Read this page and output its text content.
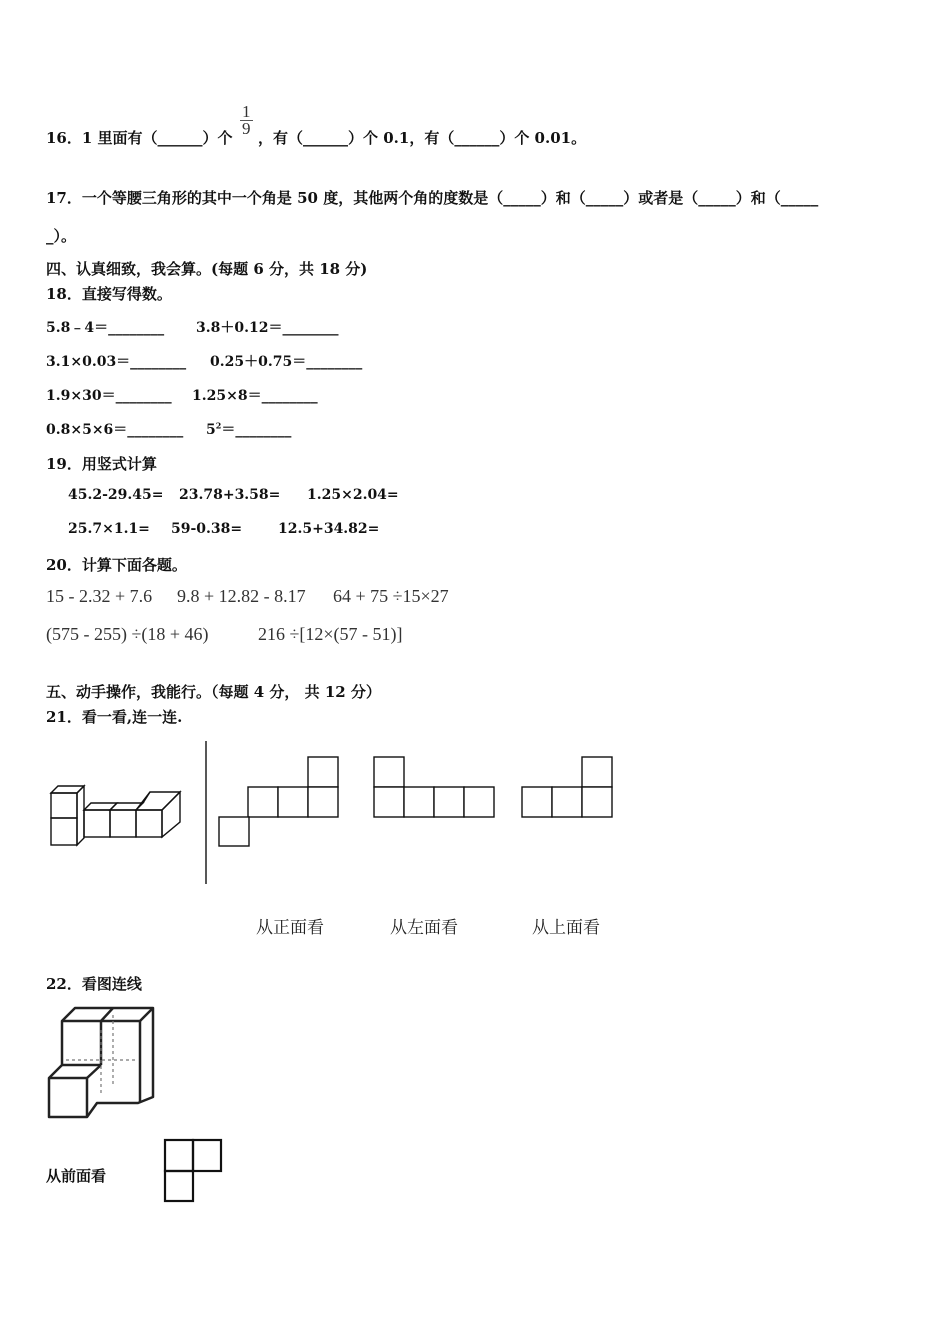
16．1 里面有（______）个
$\frac{1}{9}$
，有（______）个 0.1，有（______）个 0.01。
17．一个等腰三角形的其中一个角是 50 度，其他两个角的度数是（_____）和（_____）或者是（_____）和（_____
_）。
四、认真细致，我会算。(每题 6 分，共 18 分)
18．直接写得数。
5.8﹣4＝________ 3.8＋0.12＝________
3.1×0.03＝________ 0.25＋0.75＝________
1.9×30＝________ 1.25×8＝________
0.8×5×6＝________ $5^2=\_\_\_\_\_\_\_\_$
19．用竖式计算
45.2-29.45= 23.78+3.58= 1.25×2.04=
25.7×1.1= 59-0.38=	12.5+34.82=
20．计算下面各题。
15 - 2.32 + 7.6 9.8 + 12.82 - 8.17 64 + 75 ÷15×27
(575 - 255) ÷(18 + 46)	216 ÷[12×(57 - 51)]
五、动手操作，我能行。（每题 4 分， 共 12 分）
21．看一看,连一连.
从正面看	从左面看	从上面看
22．看图连线
从前面看
